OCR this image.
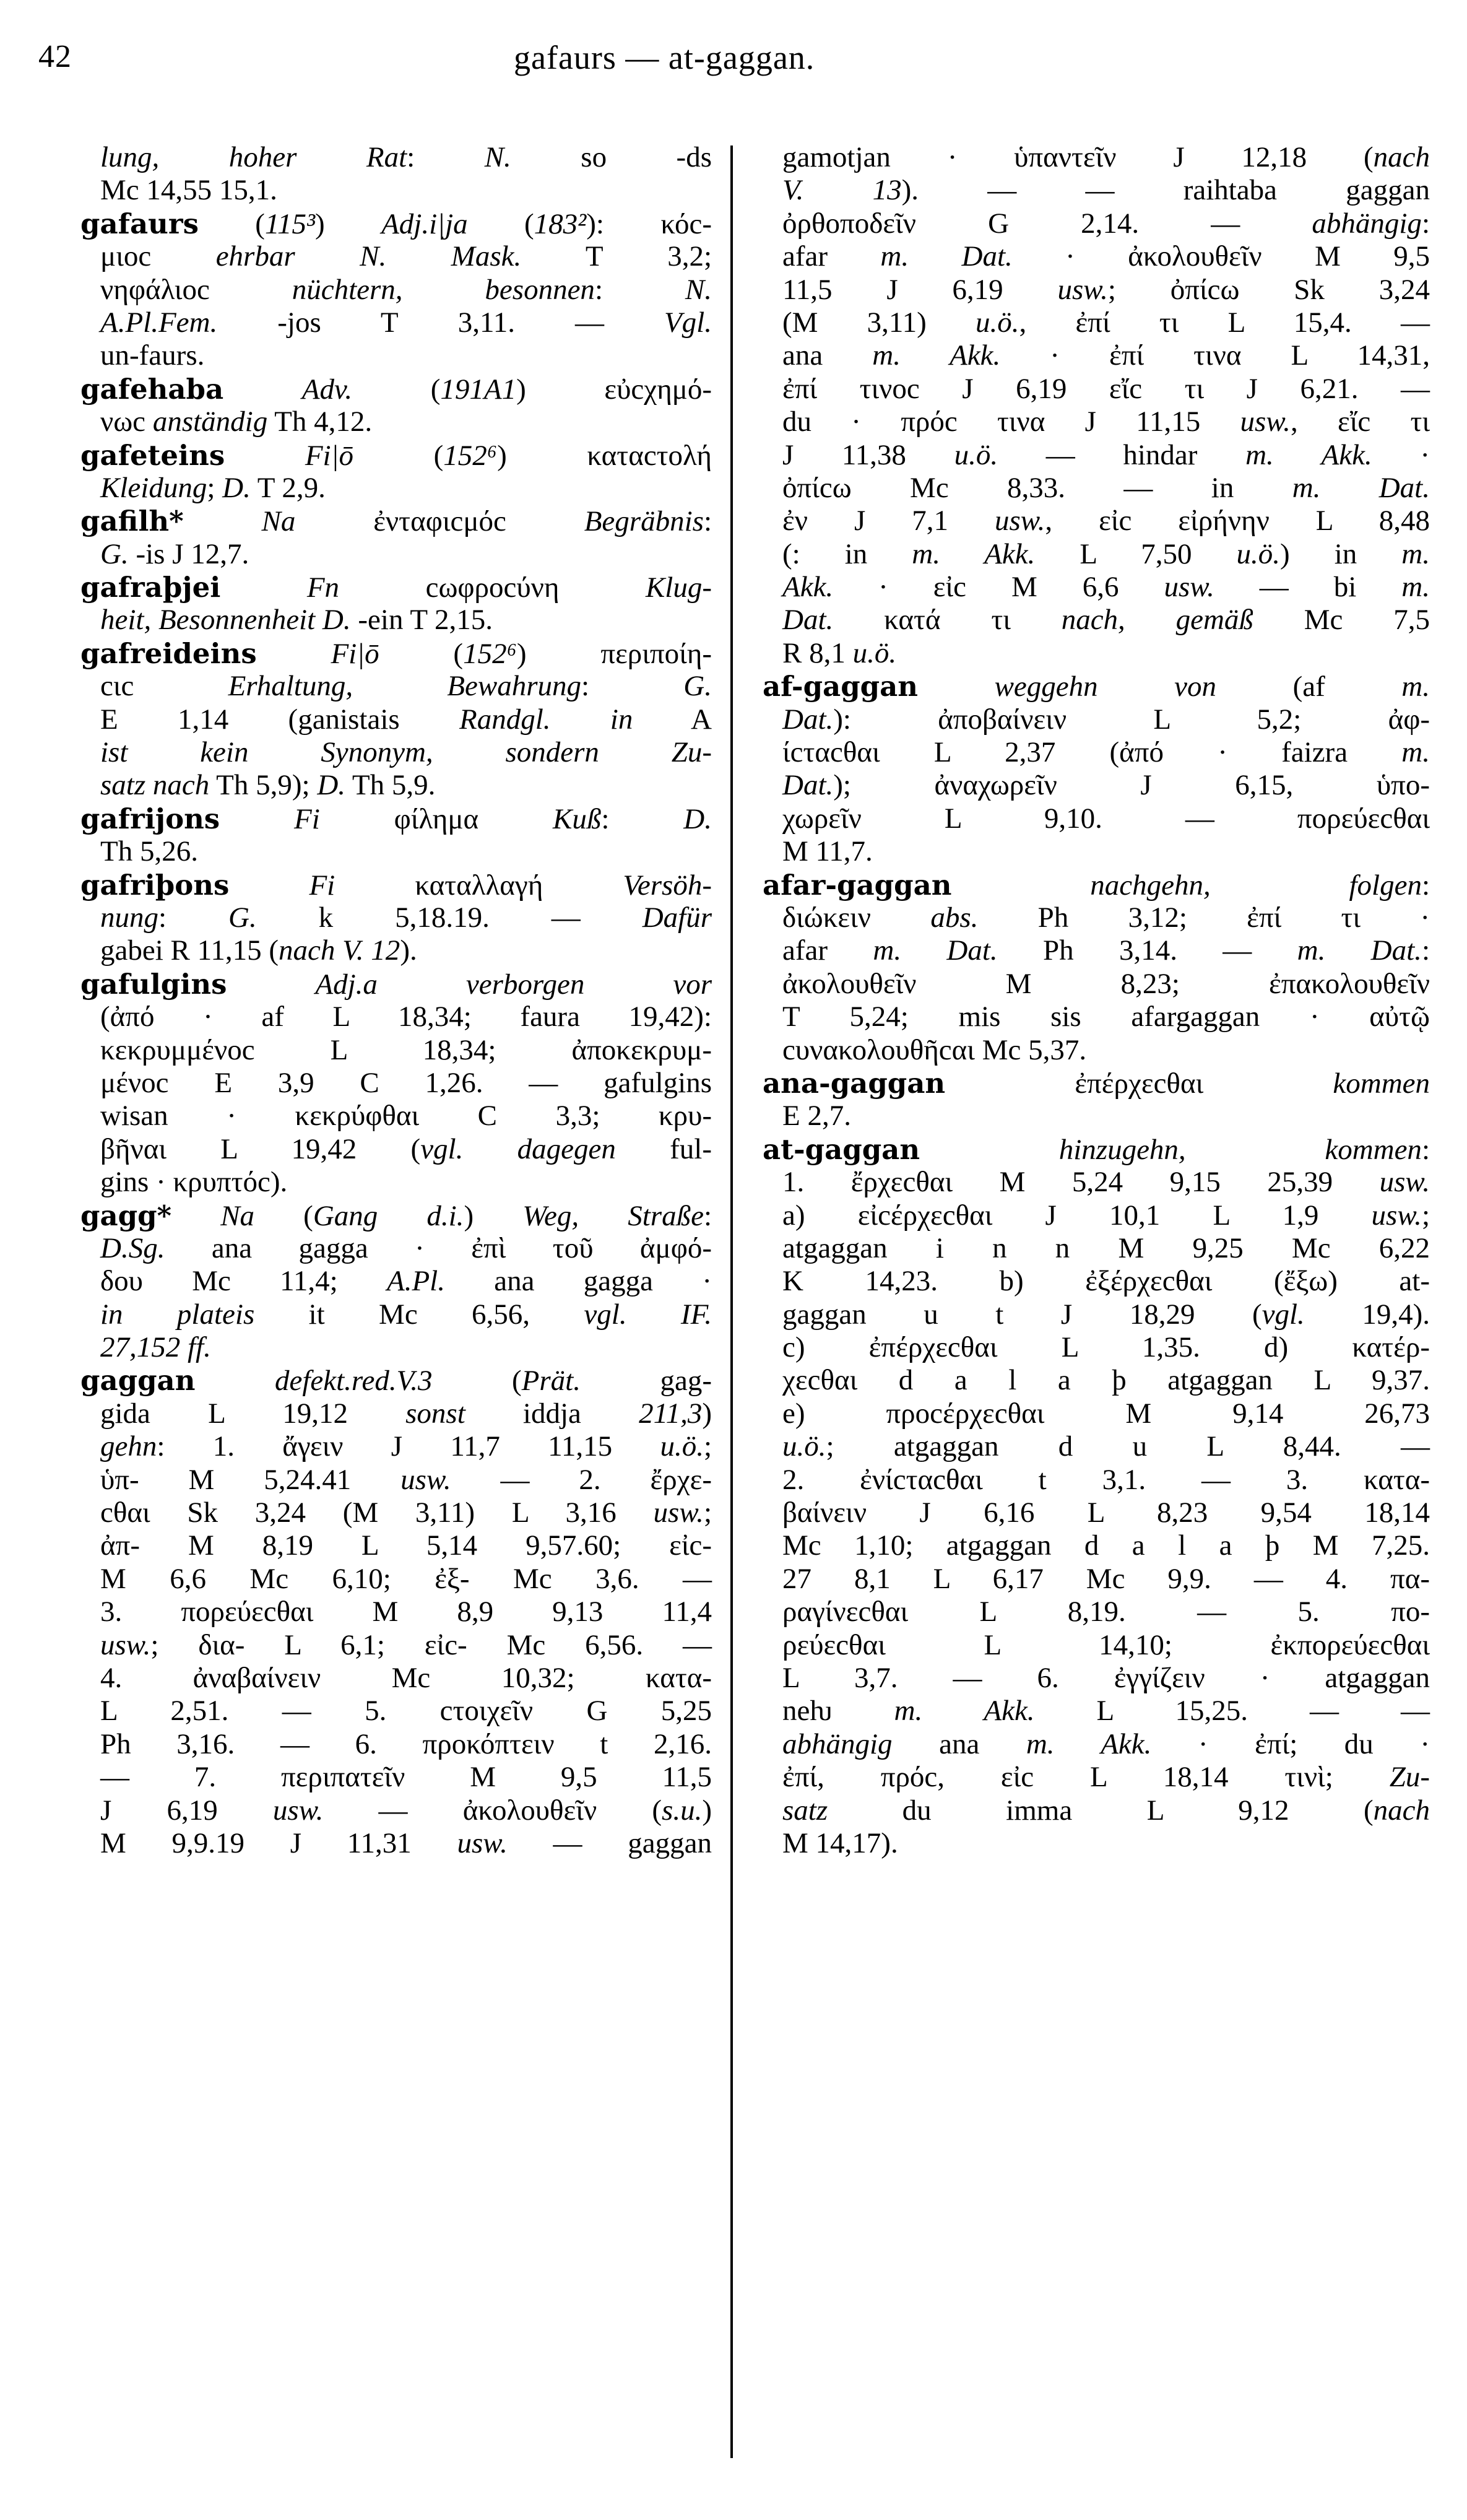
42	gafaurs — at-gaggan.
lung, hoher Rat: N. so -ds
Mc 14,55 15,1.
gafaurs (115³) Adj.i|ja (183²): κόc-
μιοc ehrbar N. Mask. T 3,2;
νηφάλιοc nüchtern, besonnen: N.
A.Pl.Fem. -jos T 3,11. — Vgl.
un-faurs.
gafehaba	Adv. (191A1) εὐcχημό-
νωc anständig Th 4,12.
gafeteins	Fi|ō (152⁶) καταcτολή
Kleidung; D. T 2,9.
gafilh*	Na ἐνταφιcμόc Begräbnis:
G. -is J 12,7.
gafraþjei	Fn cωφροcύνη Klug-
heit, Besonnenheit D. -ein T 2,15.
gafreideins	Fi|ō (152⁶) περιποίη-
cιc Erhaltung, Bewahrung: G.
E 1,14 (ganistais Randgl. in A
ist kein Synonym, sondern Zu-
satz nach Th 5,9); D. Th 5,9.
gafrijons	Fi φίλημα Kuß: D.
Th 5,26.
gafriþons	Fi καταλλαγή Versöh-
nung: G. k 5,18.19. — Dafür
gabei R 11,15 (nach V. 12).
gafulgins	Adj.a verborgen vor
(ἀπό · af L 18,34; faura 19,42):
κεκρυμμένοc L 18,34; ἀποκεκρυμ-
μένοc E 3,9 C 1,26. — gafulgins
wisan · κεκρύφθαι C 3,3; κρυ-
βῆναι L 19,42 (vgl. dagegen ful-
gins · κρυπτόc).
gagg* Na (Gang d.i.) Weg, Straße:
D.Sg. ana gagga · ἐπὶ τοῦ ἀμφό-
δου Mc 11,4; A.Pl. ana gagga ·
in plateis it Mc 6,56, vgl. IF.
27,152 ff.
gaggan	defekt.red.V.3 (Prät. gag-
gida L 19,12 sonst iddja 211,3)
gehn: 1. ἄγειν J 11,7 11,15 u.ö.;
ὑπ- M 5,24.41 usw. — 2. ἔρχε-
cθαι Sk 3,24 (M 3,11) L 3,16 usw.;
ἀπ- M 8,19 L 5,14 9,57.60; εἰc-
M 6,6 Mc 6,10; ἐξ- Mc 3,6. —
3. πορεύεcθαι M 8,9 9,13 11,4
usw.; δια- L 6,1; εἰc- Mc 6,56. —
4. ἀναβαίνειν Mc 10,32; κατα-
L 2,51. — 5. cτοιχεῖν G 5,25
Ph 3,16. — 6. προκόπτειν t 2,16.
— 7. περιπατεῖν M 9,5 11,5
J 6,19 usw. — ἀκολουθεῖν (s.u.)
M 9,9.19 J 11,31 usw. — gaggan
gamotjan · ὑπαντεῖν J 12,18 (nach
V. 13). — — raihtaba gaggan
ὀρθοποδεῖν G 2,14. — abhängig:
afar m. Dat. · ἀκολουθεῖν M 9,5
11,5 J 6,19 usw.; ὀπίcω Sk 3,24
(M 3,11) u.ö., ἐπί τι L 15,4. —
ana m. Akk. · ἐπί τινα L 14,31,
ἐπί τινοc J 6,19 εἴc τι J 6,21. —
du · πρόc τινα J 11,15 usw., εἴc τι
J 11,38 u.ö. — hindar m. Akk. ·
ὀπίcω Mc 8,33. — in m. Dat.
ἐν J 7,1 usw., εἰc εἰρήνην L 8,48
(: in m. Akk. L 7,50 u.ö.) in m.
Akk. · εἰc M 6,6 usw. — bi m.
Dat. κατά τι nach, gemäß Mc 7,5
R 8,1 u.ö.
af-gaggan	weggehn von (af m.
Dat.): ἀποβαίνειν L 5,2; ἀφ-
ίcταcθαι L 2,37 (ἀπό · faizra m.
Dat.); ἀναχωρεῖν J 6,15, ὑπο-
χωρεῖν L 9,10. — πορεύεcθαι
M 11,7.
afar-gaggan	nachgehn, folgen:
διώκειν abs. Ph 3,12; ἐπί τι ·
afar m. Dat. Ph 3,14. — m. Dat.:
ἀκολουθεῖν M 8,23; ἐπακολουθεῖν
T 5,24; mis sis afargaggan · αὐτῷ
cυνακολουθῆcαι Mc 5,37.
ana-gaggan ἐπέρχεcθαι kommen
E 2,7.
at-gaggan	hinzugehn, kommen:
1. ἔρχεcθαι M 5,24 9,15 25,39 usw.
a) εἰcέρχεcθαι J 10,1 L 1,9 usw.;
atgaggan i n n M 9,25 Mc 6,22
K 14,23. b) ἐξέρχεcθαι (ἔξω) at-
gaggan u t J 18,29 (vgl. 19,4).
c) ἐπέρχεcθαι L 1,35. d) κατέρ-
χεcθαι d a l a þ atgaggan L 9,37.
e) προcέρχεcθαι M 9,14 26,73
u.ö.; atgaggan d u L 8,44. —
2. ἐνίcταcθαι t 3,1. — 3. κατα-
βαίνειν J 6,16 L 8,23 9,54 18,14
Mc 1,10; atgaggan d a l a þ M 7,25.
27 8,1 L 6,17 Mc 9,9. — 4. πα-
ραγίνεcθαι L 8,19. — 5. πο-
ρεύεcθαι L 14,10; ἐκπορεύεcθαι
L 3,7. — 6. ἐγγίζειν · atgaggan
neƕ m. Akk. L 15,25. — —
abhängig ana m. Akk. · ἐπί; du ·
ἐπί, πρόc, εἰc L 18,14 τινὶ; Zu-
satz du imma L 9,12 (nach
M 14,17).
